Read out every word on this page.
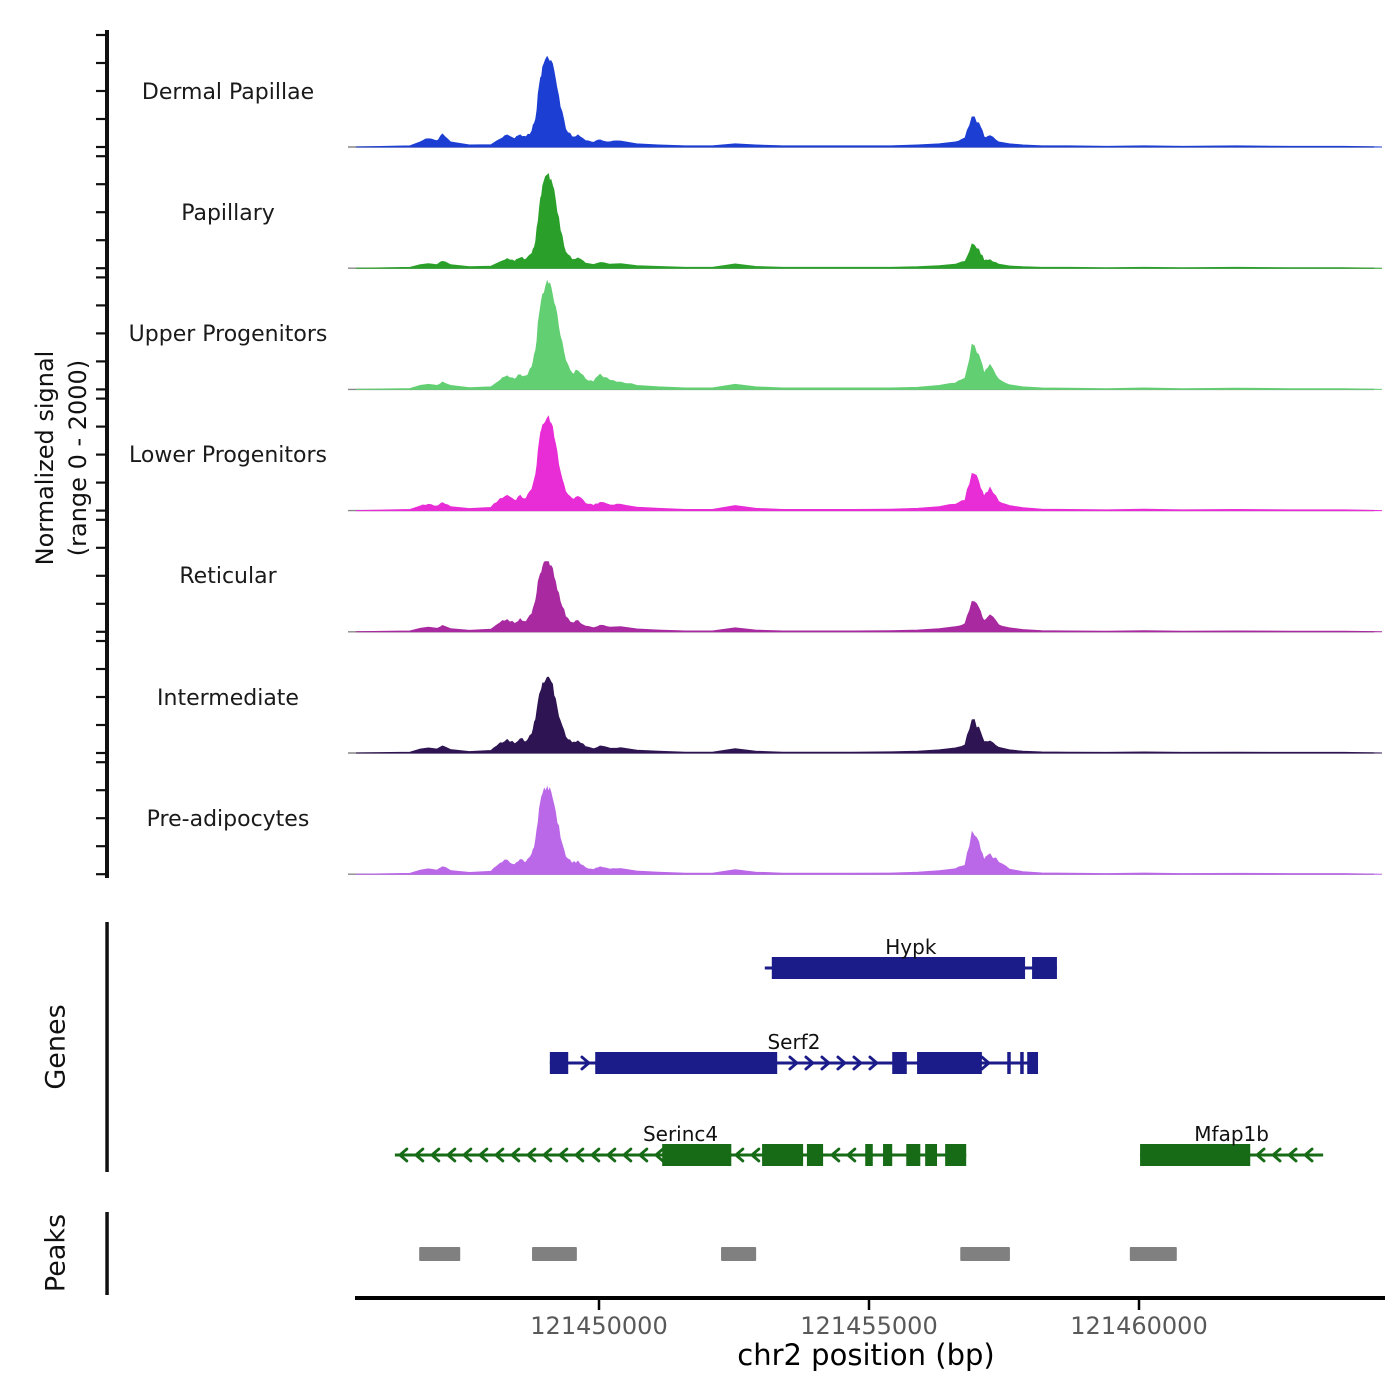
Normalized signal (range 0 - 2000)
Genes
Peaks
Dermal Papillae
Papillary
Upper Progenitors
Lower Progenitors
Reticular
Intermediate
Pre-adipocytes
Hypk
Serf2
Serinc4	Mfap1b
121450000	121455000	121460000
chr2 position (bp)
